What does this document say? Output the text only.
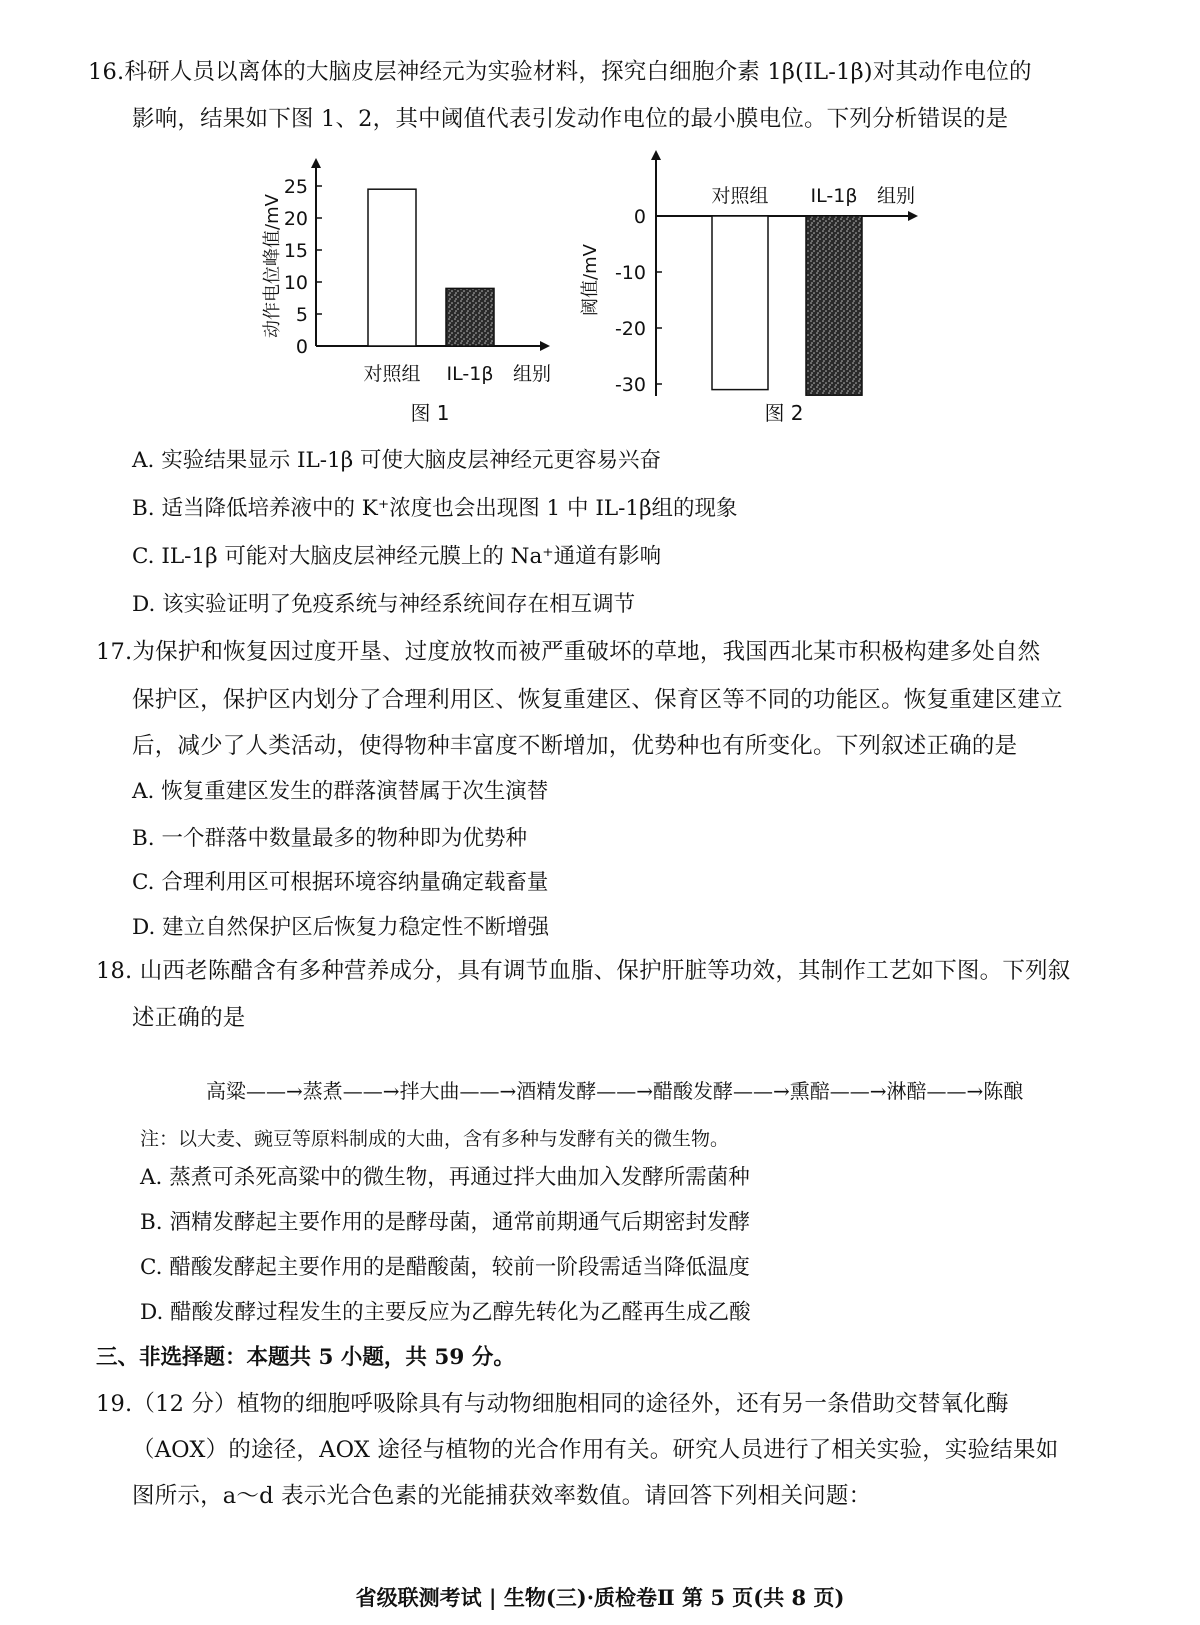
16.科研人员以离体的大脑皮层神经元为实验材料，探究白细胞介素 1β(IL-1β)对其动作电位的
影响，结果如下图 1、2，其中阈值代表引发动作电位的最小膜电位。下列分析错误的是
0
5
10
15
20
25
对照组 IL-1β 组别
动作电位峰值/mV
图 1
0
-10
-20
-30
对照组 IL-1β 组别
阈值/mV
图 2
A. 实验结果显示 IL-1β 可使大脑皮层神经元更容易兴奋
B. 适当降低培养液中的 K⁺浓度也会出现图 1 中 IL-1β组的现象
C. IL-1β 可能对大脑皮层神经元膜上的 Na⁺通道有影响
D. 该实验证明了免疫系统与神经系统间存在相互调节
17.为保护和恢复因过度开垦、过度放牧而被严重破坏的草地，我国西北某市积极构建多处自然
保护区，保护区内划分了合理利用区、恢复重建区、保育区等不同的功能区。恢复重建区建立
后，减少了人类活动，使得物种丰富度不断增加，优势种也有所变化。下列叙述正确的是
A. 恢复重建区发生的群落演替属于次生演替
B. 一个群落中数量最多的物种即为优势种
C. 合理利用区可根据环境容纳量确定载畜量
D. 建立自然保护区后恢复力稳定性不断增强
18. 山西老陈醋含有多种营养成分，具有调节血脂、保护肝脏等功效，其制作工艺如下图。下列叙
述正确的是
高粱——→蒸煮——→拌大曲——→酒精发酵——→醋酸发酵——→熏醅——→淋醅——→陈酿
注：以大麦、豌豆等原料制成的大曲，含有多种与发酵有关的微生物。
A. 蒸煮可杀死高粱中的微生物，再通过拌大曲加入发酵所需菌种
B. 酒精发酵起主要作用的是酵母菌，通常前期通气后期密封发酵
C. 醋酸发酵起主要作用的是醋酸菌，较前一阶段需适当降低温度
D. 醋酸发酵过程发生的主要反应为乙醇先转化为乙醛再生成乙酸
三、非选择题：本题共 5 小题，共 59 分。
19.（12 分）植物的细胞呼吸除具有与动物细胞相同的途径外，还有另一条借助交替氧化酶
（AOX）的途径，AOX 途径与植物的光合作用有关。研究人员进行了相关实验，实验结果如
图所示，a～d 表示光合色素的光能捕获效率数值。请回答下列相关问题：
省级联测考试 | 生物(三)·质检卷Ⅱ 第 5 页(共 8 页)
